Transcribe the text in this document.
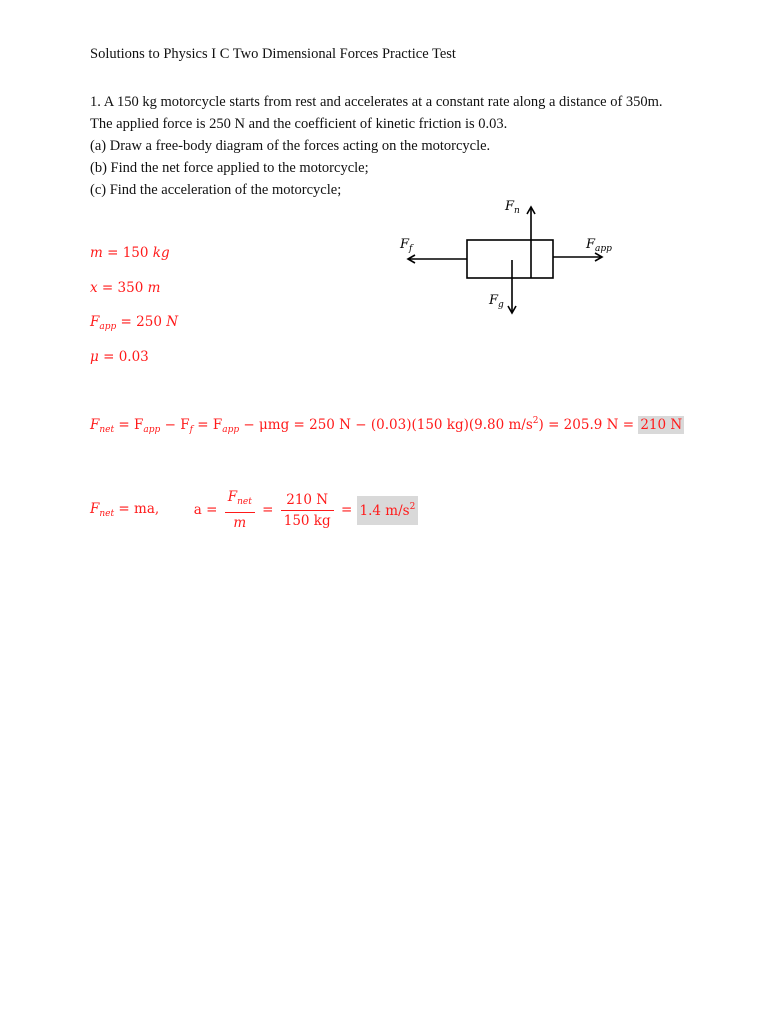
Solutions to Physics I C Two Dimensional Forces Practice Test
1. A 150 kg motorcycle starts from rest and accelerates at a constant rate along a distance of 350m.
The applied force is 250 N and the coefficient of kinetic friction is 0.03.
(a) Draw a free-body diagram of the forces acting on the motorcycle.
(b) Find the net force applied to the motorcycle;
(c) Find the acceleration of the motorcycle;
m = 150 kg
x = 350 m
$F_{app} = 250$ N
μ = 0.03
$F_n$
$F_f$	$F_{app}$
$F_g$
$F_{net} = F_{app} - F_f = F_{app} - \mu mg = 250$ N − (0.03)(150 kg)(9.80 $m/s^2) = 205.9$ N = 210 N
$F_{net}$ = ma,	$a = \frac{F_{net}}{m} = \frac{210 N}{150 kg} = 1.4$ $m/s^2$
